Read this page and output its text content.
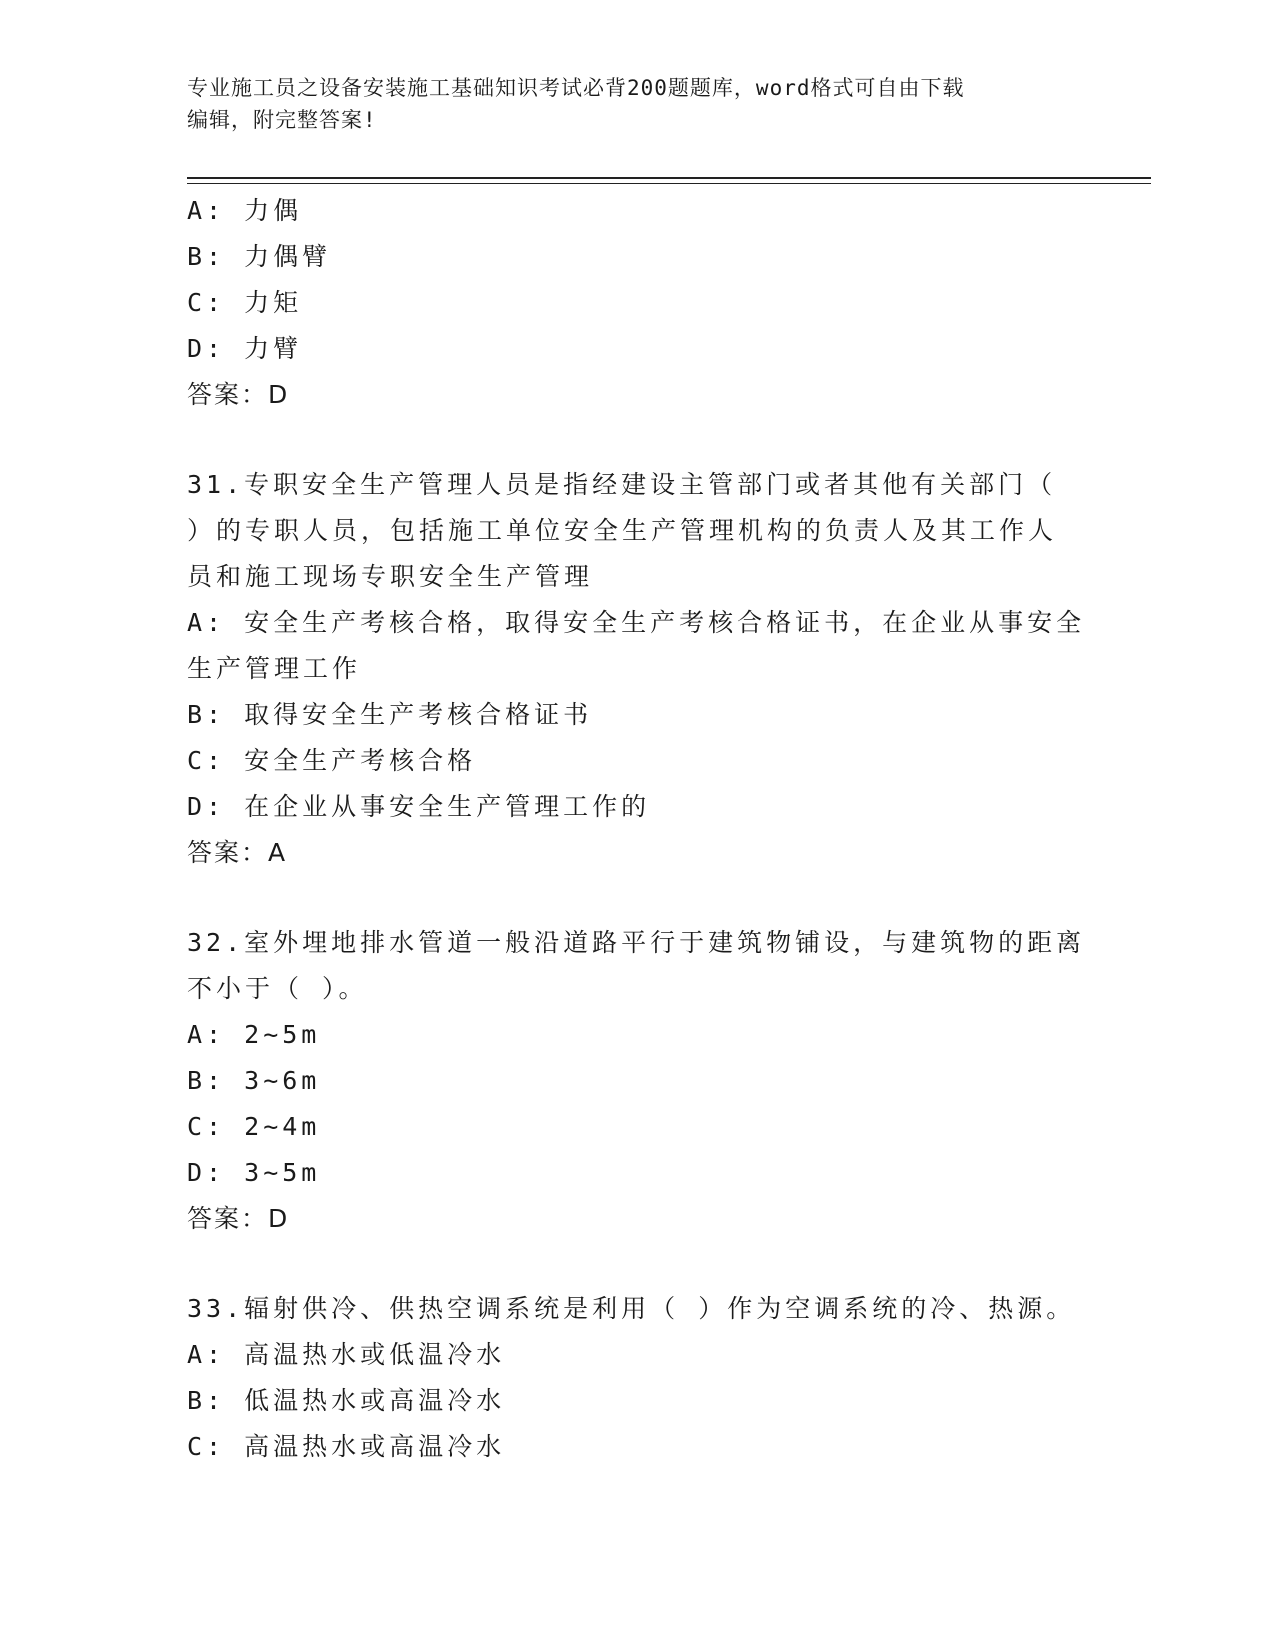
专业施工员之设备安装施工基础知识考试必背200题题库，word格式可自由下载
编辑，附完整答案!
A: 力偶
B: 力偶臂
C: 力矩
D: 力臂
答案：D
31.专职安全生产管理人员是指经建设主管部门或者其他有关部门（
）的专职人员，包括施工单位安全生产管理机构的负责人及其工作人
员和施工现场专职安全生产管理
A: 安全生产考核合格，取得安全生产考核合格证书，在企业从事安全
生产管理工作
B: 取得安全生产考核合格证书
C: 安全生产考核合格
D: 在企业从事安全生产管理工作的
答案：A
32.室外埋地排水管道一般沿道路平行于建筑物铺设，与建筑物的距离
不小于（ ）。
A: 2~5m
B: 3~6m
C: 2~4m
D: 3~5m
答案：D
33.辐射供冷、供热空调系统是利用（ ）作为空调系统的冷、热源。
A: 高温热水或低温冷水
B: 低温热水或高温冷水
C: 高温热水或高温冷水
